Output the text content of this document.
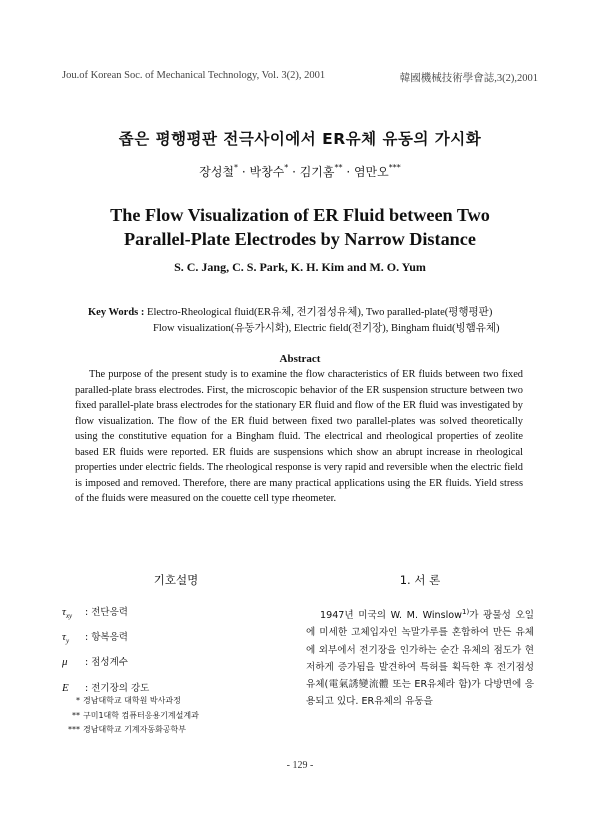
Jou.of Korean Soc. of Mechanical Technology, Vol. 3(2), 2001	韓國機械技術學會誌,3(2),2001
좁은 평행평판 전극사이에서 ER유체 유동의 가시화
장성철* · 박창수* · 김기홈** · 염만오***
The Flow Visualization of ER Fluid between Two
Parallel-Plate Electrodes by Narrow Distance
S. C. Jang, C. S. Park, K. H. Kim and M. O. Yum
Key Words : Electro-Rheological fluid(ER유체, 전기점성유체), Two paralled-plate(평행평판)
Flow visualization(유동가시화), Electric field(전기장), Bingham fluid(빙햄유체)
Abstract
The purpose of the present study is to examine the flow characteristics of ER fluids between two fixed paralled-plate brass electrodes. First, the microscopic behavior of the ER suspension structure between two fixed parallel-plate brass electrodes for the stationary ER fluid and flow of the ER fluid was investigated by flow visualization. The flow of the ER fluid between fixed two parallel-plates was solved theoretically using the constitutive equation for a Bingham fluid. The electrical and rheological properties of zeolite based ER fluids were reported. ER fluids are suspensions which show an abrupt increase in rheological properties under electric fields. The rheological response is very rapid and reversible when the electric field is imposed and removed. Therefore, there are many practical applications using the ER fluids. Yield stress of the fluids were measured on the couette cell type rheometer.
기호설명	1. 서 론
$\tau_{xy}$ : 전단응력
$\tau_y$ : 항복응력
μ : 점성계수
E : 전기장의 강도
* 경남대학교 대학원 박사과정
** 구미1대학 컴퓨터응용기계설계과
*** 경남대학교 기계자동화공학부
1947년 미국의 W. M. Winslow$^{1)}$가 광물성 오일에 미세한 고체입자인 녹말가루를 혼합하여 만든 유체에 외부에서 전기장을 인가하는 순간 유체의 점도가 현저하게 증가됨을 발견하여 특허를 획득한 후 전기점성유체(電氣誘變流體 또는 ER유체라 함)가 다방면에 응용되고 있다. ER유체의 유동을
- 129 -
